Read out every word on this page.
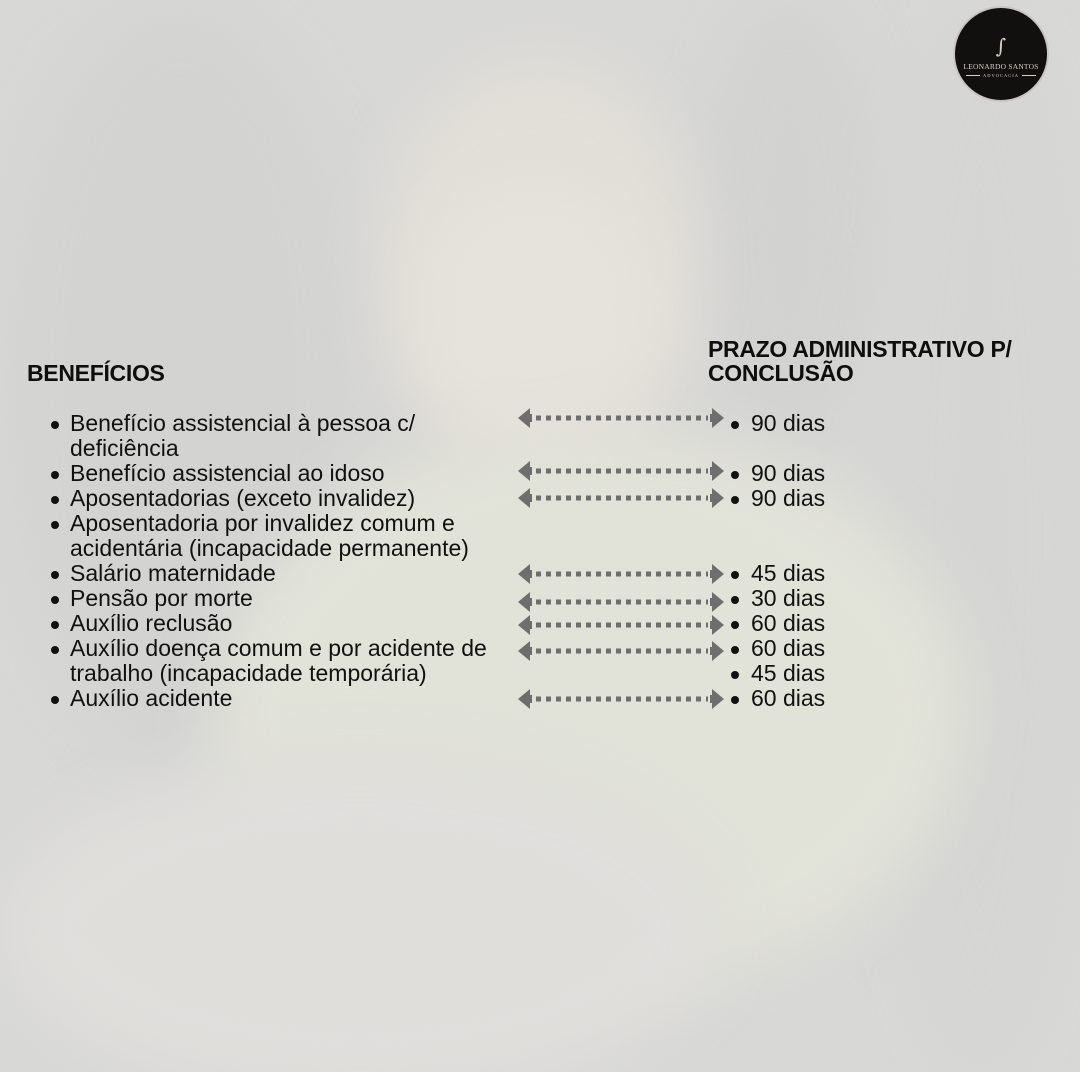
∫
LEONARDO SANTOS
ADVOCACIA
BENEFÍCIOS
PRAZO ADMINISTRATIVO P/ CONCLUSÃO
Benefício assistencial à pessoa c/ deficiência
Benefício assistencial ao idoso
Aposentadorias (exceto invalidez)
Aposentadoria por invalidez comum e acidentária (incapacidade permanente)
Salário maternidade
Pensão por morte
Auxílio reclusão
Auxílio doença comum e por acidente de trabalho (incapacidade temporária)
Auxílio acidente
90 dias
90 dias
90 dias
45 dias
30 dias
60 dias
60 dias
45 dias
60 dias
